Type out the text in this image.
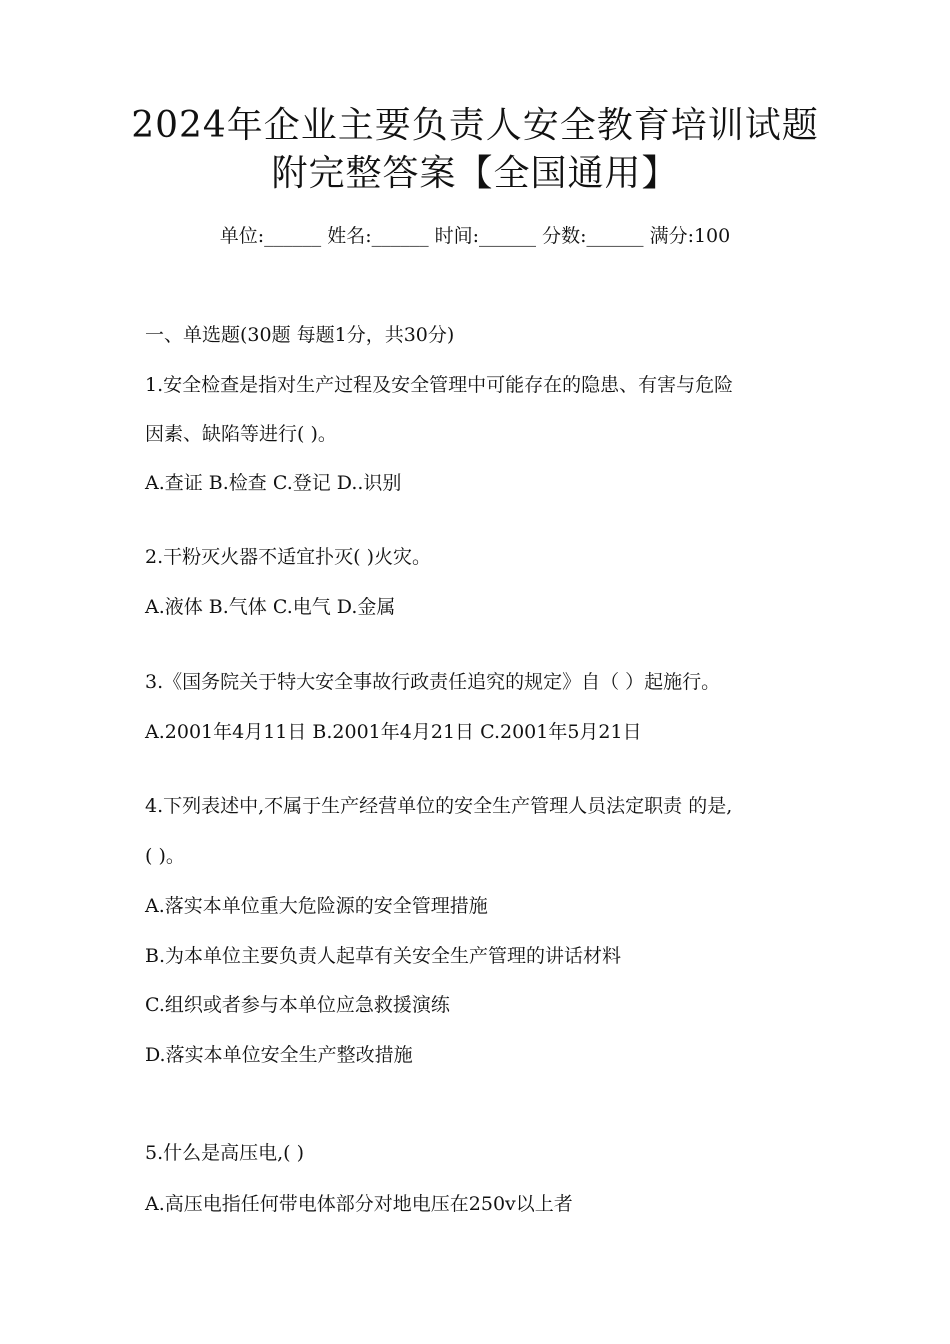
2024年企业主要负责人安全教育培训试题
附完整答案【全国通用】
单位:______ 姓名:______ 时间:______ 分数:______ 满分:100
一、单选题(30题 每题1分，共30分)
1.安全检查是指对生产过程及安全管理中可能存在的隐患、有害与危险
因素、缺陷等进行( )。
A.查证 B.检查 C.登记 D..识别
2.干粉灭火器不适宜扑灭( )火灾。
A.液体 B.气体 C.电气 D.金属
3.《国务院关于特大安全事故行政责任追究的规定》自（ ）起施行。
A.2001年4月11日 B.2001年4月21日 C.2001年5月21日
4.下列表述中,不属于生产经营单位的安全生产管理人员法定职责 的是,
( )。
A.落实本单位重大危险源的安全管理措施
B.为本单位主要负责人起草有关安全生产管理的讲话材料
C.组织或者参与本单位应急救援演练
D.落实本单位安全生产整改措施
5.什么是高压电,( )
A.高压电指任何带电体部分对地电压在250v以上者
